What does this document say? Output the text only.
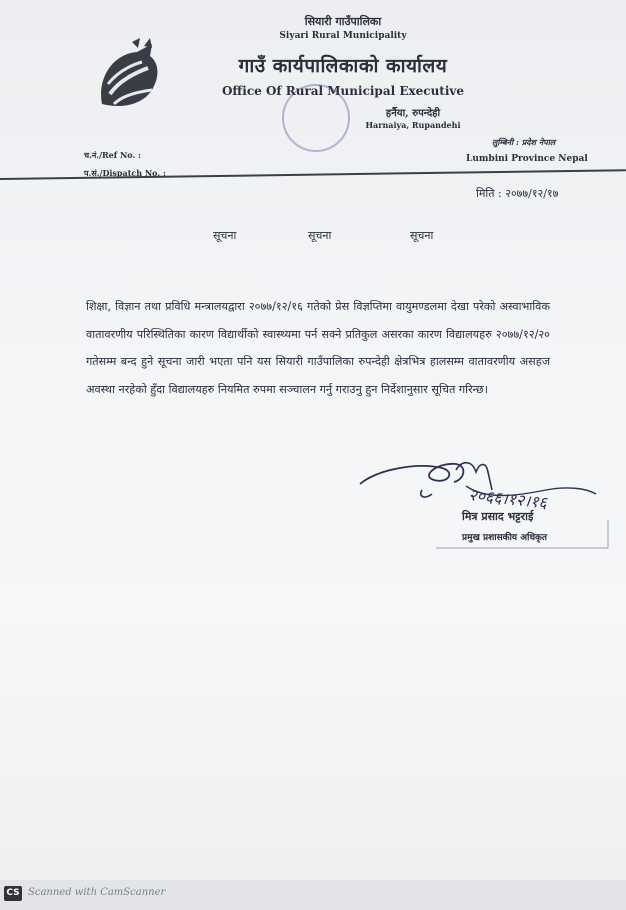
सियारी गाउँपालिका
Siyari Rural Municipality
गाउँ कार्यपालिकाको कार्यालय
Office Of Rural Municipal Executive
हर्नैया, रुपन्देही
Harnaiya, Rupandehi
च.नं./Ref No. :
प.सं./Dispatch No. :
लुम्बिनी : प्रदेश नेपाल
Lumbini Province Nepal
मिति : २०७७/१२/१७
सूचना	सूचना	सूचना
शिक्षा, विज्ञान तथा प्रविधि मन्त्रालयद्वारा २०७७/१२/१६ गतेको प्रेस विज्ञप्तिमा वायुमण्डलमा देखा परेको अस्वाभाविक वातावरणीय परिस्थितिका कारण विद्यार्थीको स्वास्थ्यमा पर्न सक्ने प्रतिकुल असरका कारण विद्यालयहरु २०७७/१२/२० गतेसम्म बन्द हुने सूचना जारी भएता पनि यस सियारी गाउँपालिका रुपन्देही क्षेत्रभित्र हालसम्म वातावरणीय असहज अवस्था नरहेको हुँदा विद्यालयहरु नियमित रुपमा सञ्चालन गर्नु गराउनु हुन निर्देशानुसार सूचित गरिन्छ।
२०६६।१२।१६
मित्र प्रसाद भट्टराई
प्रमुख प्रशासकीय अधिकृत
CS Scanned with CamScanner
